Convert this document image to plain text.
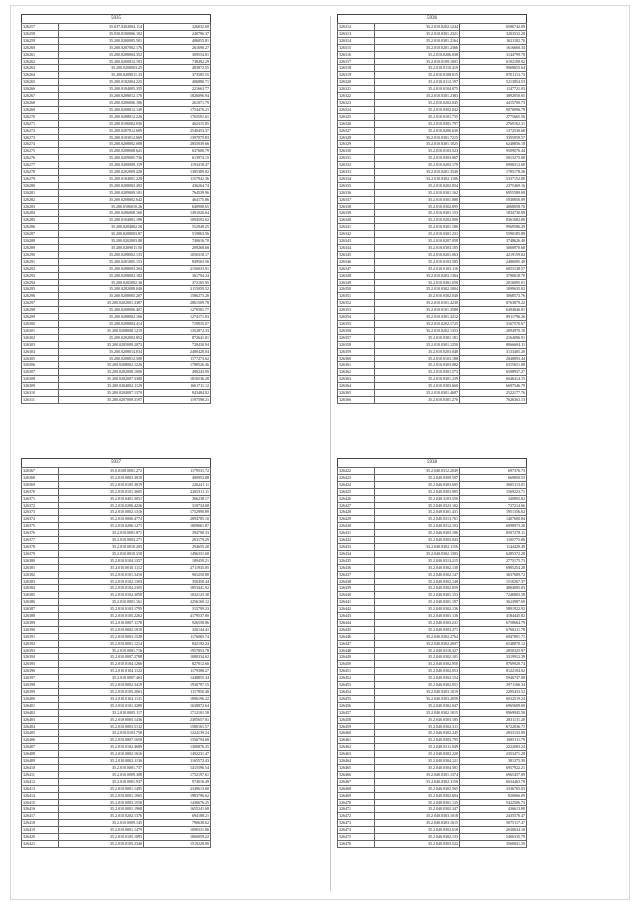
5935
326257	35.037.0202004.114	326032.69
326258	35.030.0100006.102	240796.37
326259	35.200.0200005.501	406055.81
326260	35.200.0207002.176	261690.27
326261	35.200.0208004.352	309554.81
326262	35.200.0200012.183	738402.29
326263	35.200.0200003.25	483872.55
326264	35.200.0209011.33	373585.55
326265	35.200.0102004.225	406880.71
326266	35.200.0104005.355	221663.77
326267	35.200.0208012.170	1826096.94
326268	35.200.0206006.186	261071.79
326269	35.200.0208012.149	1754476.21
326270	35.200.0208012.226	1765591.61
326271	35.200.0106002.030	462315.85
326272	35.200.0207012.609	2540453.37
326273	35.200.0103012.069	1397075.83
326274	35.200.0208002.008	2855039.66
326275	35.200.0208008.641	637600.79
326276	35.200.0209005.736	613974.15
326277	35.200.0200009.119	1193418.47
326278	35.200.0202009.428	1385389.82
326279	35.200.0104001.228	1157942.36
326280	35.200.0208003.493	436264.74
326281	35.200.0209009.101	764539.96
326282	35.200.0208002.642	464175.86
326283	35.200.0106010.26	640908.65
326284	35.200.0206008.160	1491026.64
326285	35.200.0104001.198	1094593.62
326286	35.200.0204002.20	552949.25
326287	35.200.0208003.87	519863.56
326288	35.200.0202003.88	740616.70
326289	35.200.0209011.50	209268.68
326290	35.200.0208002.133	1050318.17
326291	35.200.0201005.153	849563.56
326292	35.200.0208003.304	2156033.91
326293	35.200.0208002.182	361794.24
326294	35.200.0202002.30	372165.95
326295	35.200.0202008.040	2115059.52
326296	35.200.0208005.207	1586273.28
326297	35.200.0202001.3387	2861509.78
326298	35.200.0208006.407	1270581.77
326299	35.200.0208002.166	1274171.03
326300	35.200.0208004.414	719935.07
326301	35.200.0208008.1219	1352872.33
326302	35.200.0202002.852	872641.81
326303	35.200.0205009.2073	728430.94
326304	35.200.0208014.034	2480428.04
326305	35.200.0208012.500	1177273.62
326306	35.200.0208002.1226	1788526.46
326307	35.200.0202008.1000	490243.09
326308	35.200.0202007.3380	1816536.28
326309	35.200.0204002.1129	1661711.12
326310	35.200.0204007.1370	843484.02
326311	35.200.0207009.3197	1197598.21
5936
326312	35.2.010.0202.1244	6586742.09
326313	35.2.010.0301.2321	3203532.28
326314	35.2.010.0301.2164	1621182.70
326315	35.2.010.0201.2366	1616660.34
326316	35.2.010.0206.038	3144799.70
326317	35.2.010.0109.1001	6102100.92
326318	35.2.010.0110.419	9068655.64
326319	35.2.010.0108.015	8701113.73
326320	35.2.010.0112.197	5213854.53
326321	35.2.010.0104.075	1147721.03
326322	35.2.010.0301.2383	3892050.65
326323	35.2.010.0202.045	4415700.73
326324	35.2.010.0302.042	9070096.79
326325	35.2.010.0101.755	2775665.56
326326	35.2.010.0301.797	2769162.31
326327	35.2.010.0206.630	1372530.68
326328	35.2.010.0301.7215	3355059.57
326329	35.2.010.0301.1025	6248856.18
326330	35.2.010.0103.523	9509076.44
326331	35.2.010.0303.067	5013275.68
326332	35.2.010.0203.179	6906512.60
326333	35.2.010.0201.3540	1785178.36
326334	35.2.010.0302.1106	5337152.80
326335	35.2.010.0202.054	2375469.16
326336	35.2.010.0301.162	6955589.69
326337	35.2.010.0301.080	5930856.09
326338	35.2.010.0302.095	4068058.76
326339	35.2.010.0301.153	1834730.89
326340	35.2.010.0202.000	8361682.80
326341	35.2.010.0301.180	9969586.29
326342	35.2.010.0301.231	5590185.88
326343	35.2.010.0207.058	3748626.40
326344	35.2.010.0303.105	3066970.68
326345	35.2.010.0201.063	4219159.02
326346	35.2.010.0103.585	2486095.49
326347	35.2.010.0103.116	6053138.57
326348	35.2.010.0203.1364	3790618.70
326349	35.2.010.0301.050	2016095.01
326350	35.2.010.0302.1004	1099635.02
326351	35.2.010.0302.040	3068573.76
326352	35.2.010.0101.4230	8763879.22
326353	35.2.010.0101.3580	6494846.81
326354	35.2.010.0301.3212	8911796.26
326355	35.2.010.0202.1725	3167570.67
326356	35.2.010.0202.1353	2094970.10
326357	35.2.010.0301.181	2164096.91
326358	35.2.010.0301.1250	8066604.11
326359	35.2.010.0203.048	3133405.20
326360	35.2.010.0103.188	2848893.44
326361	35.2.010.0303.082	6315651.08
326362	35.2.010.0301.573	6508937.27
326363	35.2.010.0301.239	6646414.15
326364	35.2.010.0303.660	6697546.79
326365	35.2.010.0301.4687	2522177.76
326366	35.2.010.0301.276	7626363.13
5937
326367	35.0.0108.0001.272	1179531.72
326368	35.2.010.0003.3010	490953.88
326369	35.2.010.0105.3019	226241.11
326370	35.2.010.0101.3605	2265311.11
326371	35.2.010.0401.3051	366238.17
326372	35.2.010.0206.4226	310734.68
326373	35.2.010.0002.1316	1752990.89
326374	35.2.010.0006.4774	2894785.10
326375	35.2.010.0206.1271	1809661.87
326376	35.2.010.0001.871	394798.33
326377	35.2.010.0003.271	263179.29
326378	35.2.010.0010.205	294655.20
326379	35.2.010.0010.318	1496331.68
326380	35.2.010.0104.1357	189459.21
326381	35.2.010.0010.1112	2711935.85
326382	35.2.010.0101.3410	965250.88
326383	35.2.010.0102.1303	350458.44
326384	35.2.010.0104.2305	1853441.92
326385	35.2.010.0102.3058	1032125.30
326386	35.2.010.0001.161	2256160.12
326387	35.2.010.0103.1795	315799.23
326388	35.2.010.0105.2262	4179537.80
326389	35.2.010.0007.1178	926558.86
326390	35.2.010.0002.1010	326144.41
326391	35.2.010.0003.1528	1176065.74
326392	35.2.010.0001.1214	842192.24
326393	35.2.010.0001.716	1957853.78
326394	35.2.010.0007.2788	1080334.62
326395	35.2.010.0104.1266	827012.60
326396	35.2.010.0104.1122	1179388.27
326397	35.2.010.0007.463	1448855.34
326398	35.2.010.0002.3419	1930797.15
326399	35.2.010.0105.2063	1117850.48
326400	35.2.010.0104.1131	1896196.22
326401	35.2.010.0101.3289	1638872.64
326402	35.2.010.0005.117	1712101.58
326403	35.2.010.0005.1436	2305657.01
326404	35.2.010.0003.5132	1580161.57
326405	35.2.010.0103.758	1224139.24
326406	35.2.010.0007.1658	1356794.68
326407	35.2.010.0102.4689	1306876.25
326408	35.2.010.0002.1616	1492231.47
326409	35.2.010.0002.1136	1165572.43
326410	35.2.010.0001.737	1415596.54
326411	35.2.010.0009.308	1752197.61
326412	35.2.010.0001.937	974016.49
326413	35.2.010.0001.1495	2349613.60
326414	35.2.010.0001.1065	1983796.62
326415	35.2.010.0003.1550	1436676.25
326416	35.2.010.0001.1968	1655241.68
326417	35.2.010.0202.1376	694188.21
326418	35.2.010.0009.145	790638.62
326419	35.2.010.0001.1479	1090331.86
326420	35.2.010.0105.1093	1860059.22
326421	35.2.010.0105.2340	1519228.80
5938
326422	35.2.040.0312.2049	697376.73
326423	35.2.040.0309.597	669850.53
326424	35.2.040.0303.695	3005113.01
326425	35.2.040.0303.985	1569223.71
326426	35.2.040.3103.550	340892.02
326427	35.2.040.0323.102	727214.66
326428	35.2.040.0301.431	1951356.62
326429	35.2.040.0313.761	1407600.84
326430	35.2.040.0312.103	6098973.26
326431	35.2.040.0303.186	8507278.11
326432	35.2.040.0303.043	1105775.86
326433	35.2.040.0302.1156	1144429.49
326434	35.2.040.0302.1393	6285372.28
326435	35.2.040.0313.215	2775175.73
326436	35.2.040.0302.130	6985254.28
326437	35.2.040.0302.147	3637689.72
326438	35.2.040.0302.140	1510267.37
326439	35.2.040.0302.059	4804085.83
326440	35.2.040.0301.153	7246803.58
326441	35.2.040.0301.197	3623987.69
326442	35.2.040.0302.136	5891922.92
326443	35.2.040.0301.136	4184445.82
326444	35.2.040.0303.231	6758664.79
326445	35.2.040.0303.271	6760211.78
326446	35.2.040.0302.2764	6947891.71
326447	35.2.040.0302.2697	6548870.12
326448	35.2.040.0310.327	2850325.97
326449	35.2.040.0302.101	3319912.39
326450	35.2.040.0302.950	8769920.74
326451	35.2.040.0302.053	8122104.02
326452	35.2.040.0302.154	5946747.08
326453	35.2.040.0302.051	2971166.34
326454	35.2.040.0303.1019	2295433.52
326455	35.2.040.0303.2058	6032519.24
326456	35.2.040.0302.047	6965609.69
326457	35.2.040.0302.1015	8969945.50
326458	35.2.040.0303.185	2831131.20
326459	35.2.040.0302.311	6722036.71
326460	35.2.040.0302.245	2833133.09
326461	35.2.040.0303.795	1685111.79
326462	35.2.040.0311.049	2222083.24
326463	35.2.040.0303.220	2353471.28
326464	35.2.040.0304.121	381375.39
326465	35.2.040.0304.581	6957922.21
326466	35.2.040.0301.1374	6965457.89
326467	35.2.040.0302.1156	6634463.70
326468	35.2.040.0302.565	3336705.03
326469	35.2.040.0302.604	820066.09
326470	35.2.040.0301.125	5422506.73
326471	35.2.040.0302.347	436613.80
326472	35.2.040.0303.1018	2435576.47
326473	35.2.040.0303.1615	5075117.47
326474	35.2.040.0302.618	2030634.10
326475	35.2.040.0302.133	5406335.79
326476	35.2.040.0303.522	3566841.50
